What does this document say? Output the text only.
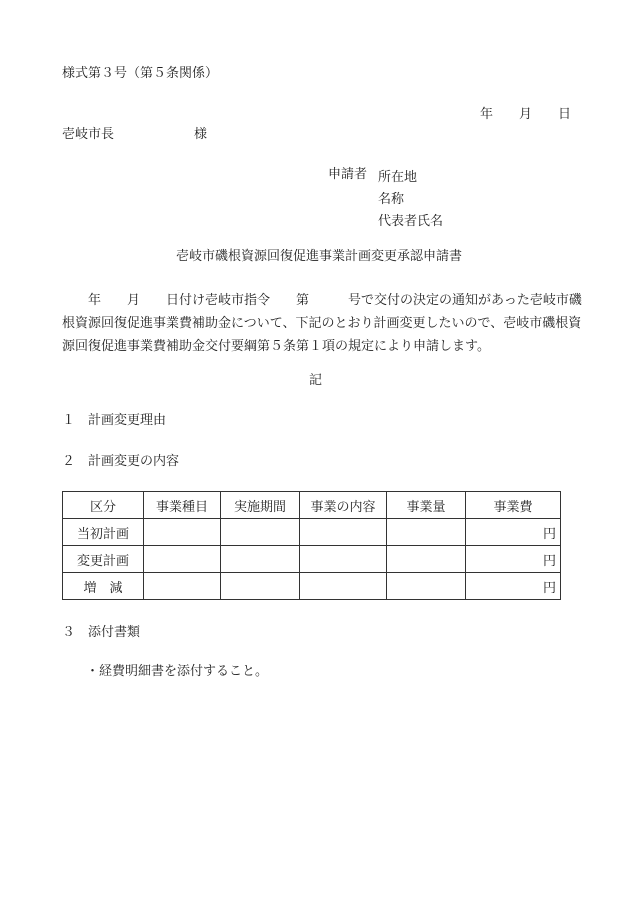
様式第３号（第５条関係）
年 月 日
壱岐市長	様
申請者 所在地
名称
代表者氏名
壱岐市磯根資源回復促進事業計画変更承認申請書
　　年　　月　　日付け壱岐市指令　　第　　　号で交付の決定の通知があった壱岐市磯
根資源回復促進事業費補助金について、下記のとおり計画変更したいので、壱岐市磯根資
源回復促進事業費補助金交付要綱第５条第１項の規定により申請します。
記
１　計画変更理由
２　計画変更の内容
区分	事業種目	実施期間	事業の内容	事業量	事業費
当初計画					円
変更計画					円
増　減					円
３　添付書類
・経費明細書を添付すること。
